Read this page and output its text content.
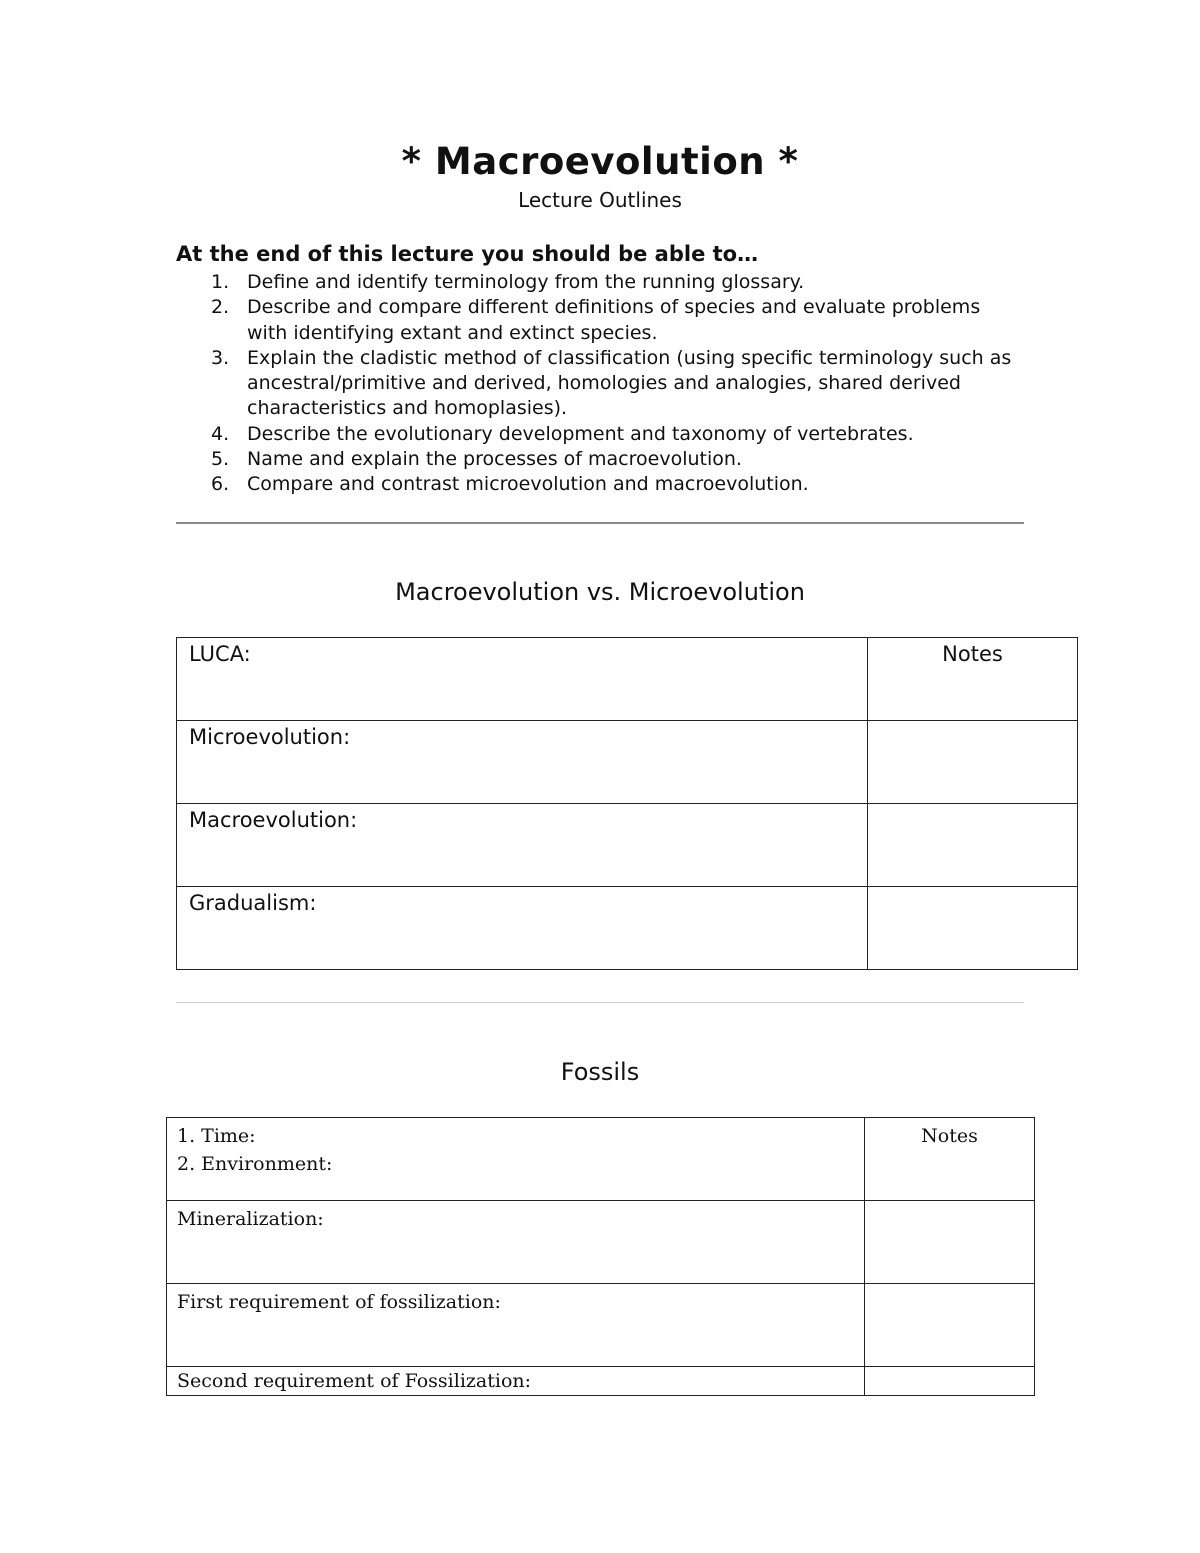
* Macroevolution *
Lecture Outlines
At the end of this lecture you should be able to…
1. Define and identify terminology from the running glossary.
2. Describe and compare different definitions of species and evaluate problems with identifying extant and extinct species.
3. Explain the cladistic method of classification (using specific terminology such as ancestral/primitive and derived, homologies and analogies, shared derived characteristics and homoplasies).
4. Describe the evolutionary development and taxonomy of vertebrates.
5. Name and explain the processes of macroevolution.
6. Compare and contrast microevolution and macroevolution.
Macroevolution vs. Microevolution
LUCA:	Notes

Microevolution:	

Macroevolution:	

Gradualism:	

Fossils
1. Time:
2. Environment:	Notes

Mineralization:	

First requirement of fossilization:	

Second requirement of Fossilization:	
